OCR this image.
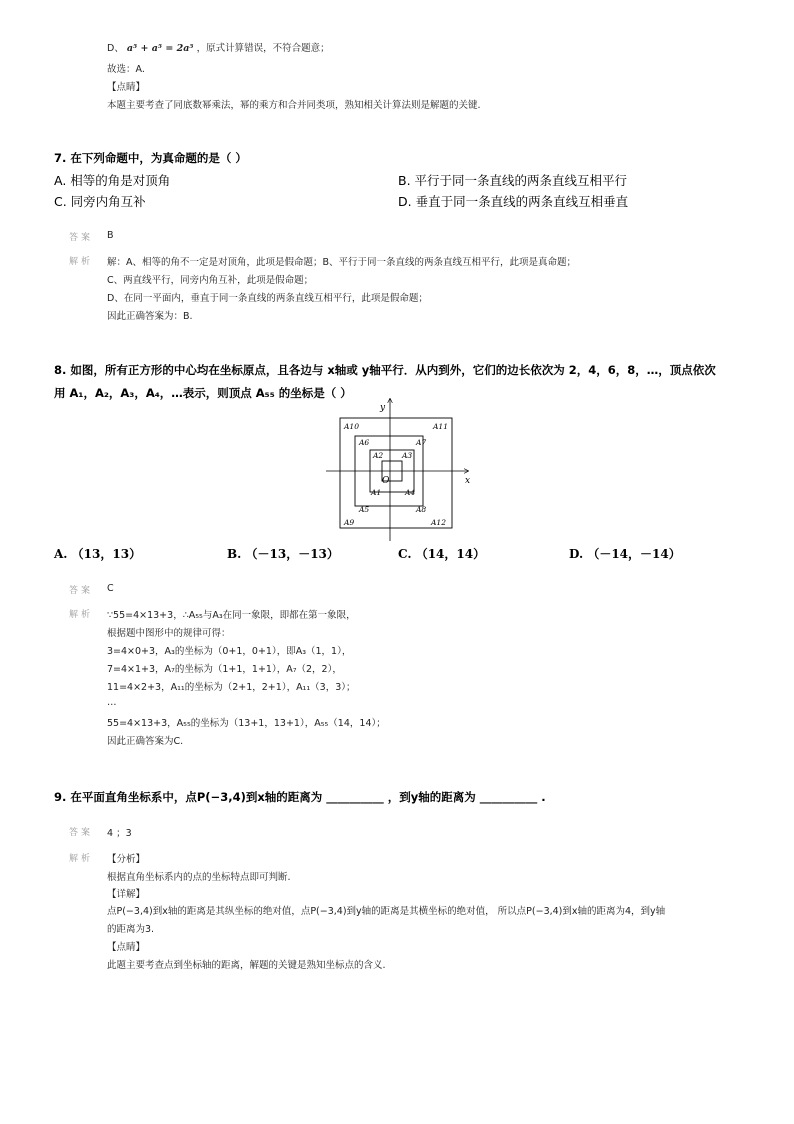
D、 a⁵ + a⁵ = 2a⁵ ，原式计算错误，不符合题意；
故选：A.
【点睛】
本题主要考查了同底数幂乘法，幂的乘方和合并同类项，熟知相关计算法则是解题的关键.
7. 在下列命题中，为真命题的是（ ）
A. 相等的角是对顶角	B. 平行于同一条直线的两条直线互相平行
C. 同旁内角互补	D. 垂直于同一条直线的两条直线互相垂直
答案 B
解析 解：A、相等的角不一定是对顶角，此项是假命题；B、平行于同一条直线的两条直线互相平行，此项是真命题；
C、两直线平行，同旁内角互补，此项是假命题；
D、在同一平面内，垂直于同一条直线的两条直线互相平行，此项是假命题；
因此正确答案为：B.
8. 如图，所有正方形的中心均在坐标原点，且各边与 x轴或 y轴平行．从内到外，它们的边长依次为 2，4，6，8，…，顶点依次
用 A₁，A₂，A₃，A₄，…表示，则顶点 A₅₅ 的坐标是（ ）
y
x
O
A1
A2	A3
A4
A5
A6	A7
A8
A9
A10	A11
A12
A. （13，13）	B. （－13，－13）	C. （14，14）	D. （－14，－14）
答案 C
解析 ∵55=4×13+3，∴A₅₅与A₃在同一象限，即都在第一象限，
根据题中图形中的规律可得：
3=4×0+3，A₃的坐标为（0+1，0+1），即A₃（1，1），
7=4×1+3，A₇的坐标为（1+1，1+1），A₇（2，2），
11=4×2+3，A₁₁的坐标为（2+1，2+1），A₁₁（3，3）；
…
55=4×13+3，A₅₅的坐标为（13+1，13+1），A₅₅（14，14）；
因此正确答案为C.
9. 在平面直角坐标系中，点P(−3,4)到x轴的距离为 __________ ，到y轴的距离为 __________ .
答案 4 ；3
解析 【分析】
根据直角坐标系内的点的坐标特点即可判断.
【详解】
点P(−3,4)到x轴的距离是其纵坐标的绝对值，点P(−3,4)到y轴的距离是其横坐标的绝对值， 所以点P(−3,4)到x轴的距离为4，到y轴
的距离为3.
【点睛】
此题主要考查点到坐标轴的距离，解题的关键是熟知坐标点的含义.
